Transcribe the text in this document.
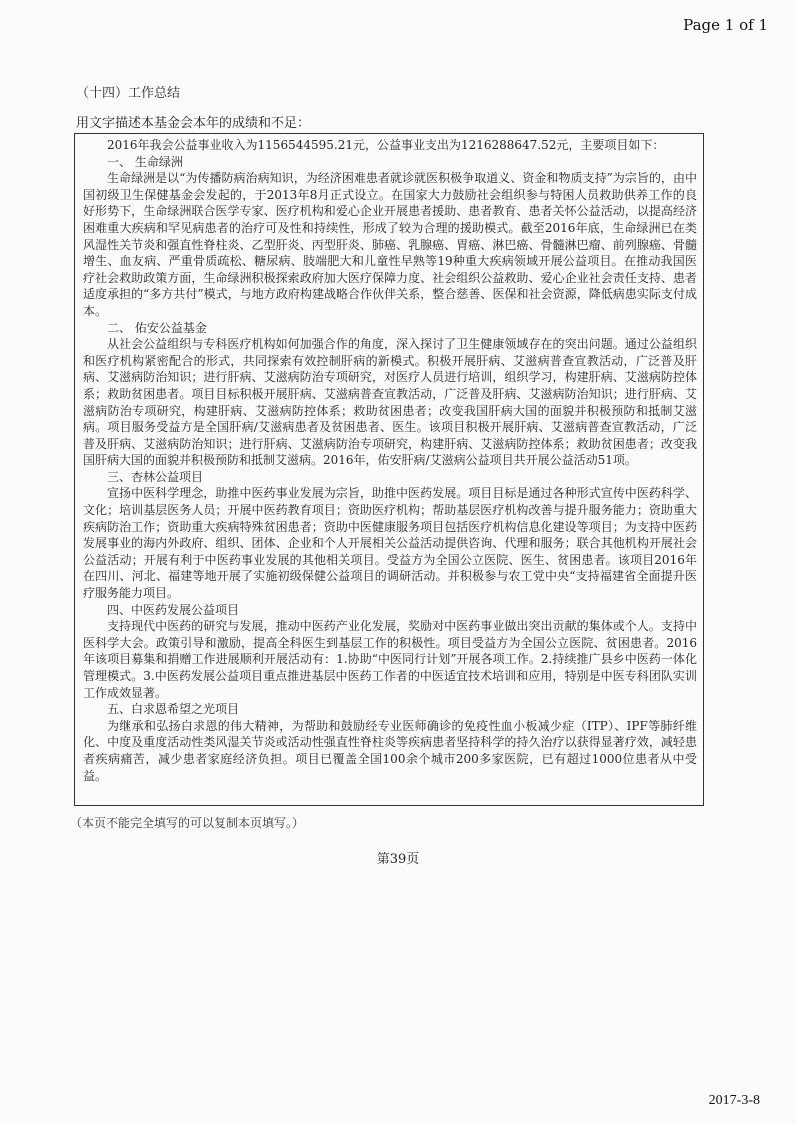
Page 1 of 1
（十四）工作总结
用文字描述本基金会本年的成绩和不足：

2016年我会公益事业收入为1156544595.21元，公益事业支出为1216288647.52元，主要项目如下：

一、 生命绿洲

生命绿洲是以“为传播防病治病知识，为经济困难患者就诊就医积极争取道义、资金和物质支持”为宗旨的，由中国初级卫生保健基金会发起的，于2013年8月正式设立。在国家大力鼓励社会组织参与特困人员救助供养工作的良好形势下，生命绿洲联合医学专家、医疗机构和爱心企业开展患者援助、患者教育、患者关怀公益活动，以提高经济困难重大疾病和罕见病患者的治疗可及性和持续性，形成了较为合理的援助模式。截至2016年底，生命绿洲已在类风湿性关节炎和强直性脊柱炎、乙型肝炎、丙型肝炎、肺癌、乳腺癌、胃癌、淋巴癌、骨髓淋巴瘤、前列腺癌、骨髓增生、血友病、严重骨质疏松、糖尿病、肢端肥大和儿童性早熟等19种重大疾病领域开展公益项目。在推动我国医疗社会救助政策方面，生命绿洲积极探索政府加大医疗保障力度、社会组织公益救助、爱心企业社会责任支持、患者适度承担的“多方共付”模式，与地方政府构建战略合作伙伴关系，整合慈善、医保和社会资源，降低病患实际支付成本。

二、 佑安公益基金

从社会公益组织与专科医疗机构如何加强合作的角度，深入探讨了卫生健康领域存在的突出问题。通过公益组织和医疗机构紧密配合的形式，共同探索有效控制肝病的新模式。积极开展肝病、艾滋病普查宣教活动，广泛普及肝病、艾滋病防治知识；进行肝病、艾滋病防治专项研究，对医疗人员进行培训，组织学习，构建肝病、艾滋病防控体系；救助贫困患者。项目目标积极开展肝病、艾滋病普查宣教活动，广泛普及肝病、艾滋病防治知识；进行肝病、艾滋病防治专项研究，构建肝病、艾滋病防控体系；救助贫困患者；改变我国肝病大国的面貌并积极预防和抵制艾滋病。项目服务受益方是全国肝病/艾滋病患者及贫困患者、医生。该项目积极开展肝病、艾滋病普查宣教活动，广泛普及肝病、艾滋病防治知识；进行肝病、艾滋病防治专项研究，构建肝病、艾滋病防控体系；救助贫困患者；改变我国肝病大国的面貌并积极预防和抵制艾滋病。2016年，佑安肝病/艾滋病公益项目共开展公益活动51项。

三、杏林公益项目

宣扬中医科学理念，助推中医药事业发展为宗旨，助推中医药发展。项目目标是通过各种形式宣传中医药科学、文化；培训基层医务人员；开展中医药教育项目；资助医疗机构；帮助基层医疗机构改善与提升服务能力；资助重大疾病防治工作；资助重大疾病特殊贫困患者；资助中医健康服务项目包括医疗机构信息化建设等项目；为支持中医药发展事业的海内外政府、组织、团体、企业和个人开展相关公益活动提供咨询、代理和服务；联合其他机构开展社会公益活动；开展有利于中医药事业发展的其他相关项目。受益方为全国公立医院、医生、贫困患者。该项目2016年在四川、河北、福建等地开展了实施初级保健公益项目的调研活动。并积极参与农工党中央“支持福建省全面提升医疗服务能力项目。

四、中医药发展公益项目

支持现代中医药的研究与发展，推动中医药产业化发展，奖励对中医药事业做出突出贡献的集体或个人。支持中医科学大会。政策引导和激励，提高全科医生到基层工作的积极性。项目受益方为全国公立医院、贫困患者。2016年该项目募集和捐赠工作进展顺利开展活动有：1.协助“中医同行计划”开展各项工作。2.持续推广县乡中医药一体化管理模式。3.中医药发展公益项目重点推进基层中医药工作者的中医适宜技术培训和应用，特别是中医专科团队实训工作成效显著。

五、白求恩希望之光项目

为继承和弘扬白求恩的伟大精神，为帮助和鼓励经专业医师确诊的免疫性血小板减少症（ITP）、IPF等肺纤维化、中度及重度活动性类风湿关节炎或活动性强直性脊柱炎等疾病患者坚持科学的持久治疗以获得显著疗效，减轻患者疾病痛苦，减少患者家庭经济负担。项目已覆盖全国100余个城市200多家医院，已有超过1000位患者从中受益。

（本页不能完全填写的可以复制本页填写。）
第39页
2017-3-8
